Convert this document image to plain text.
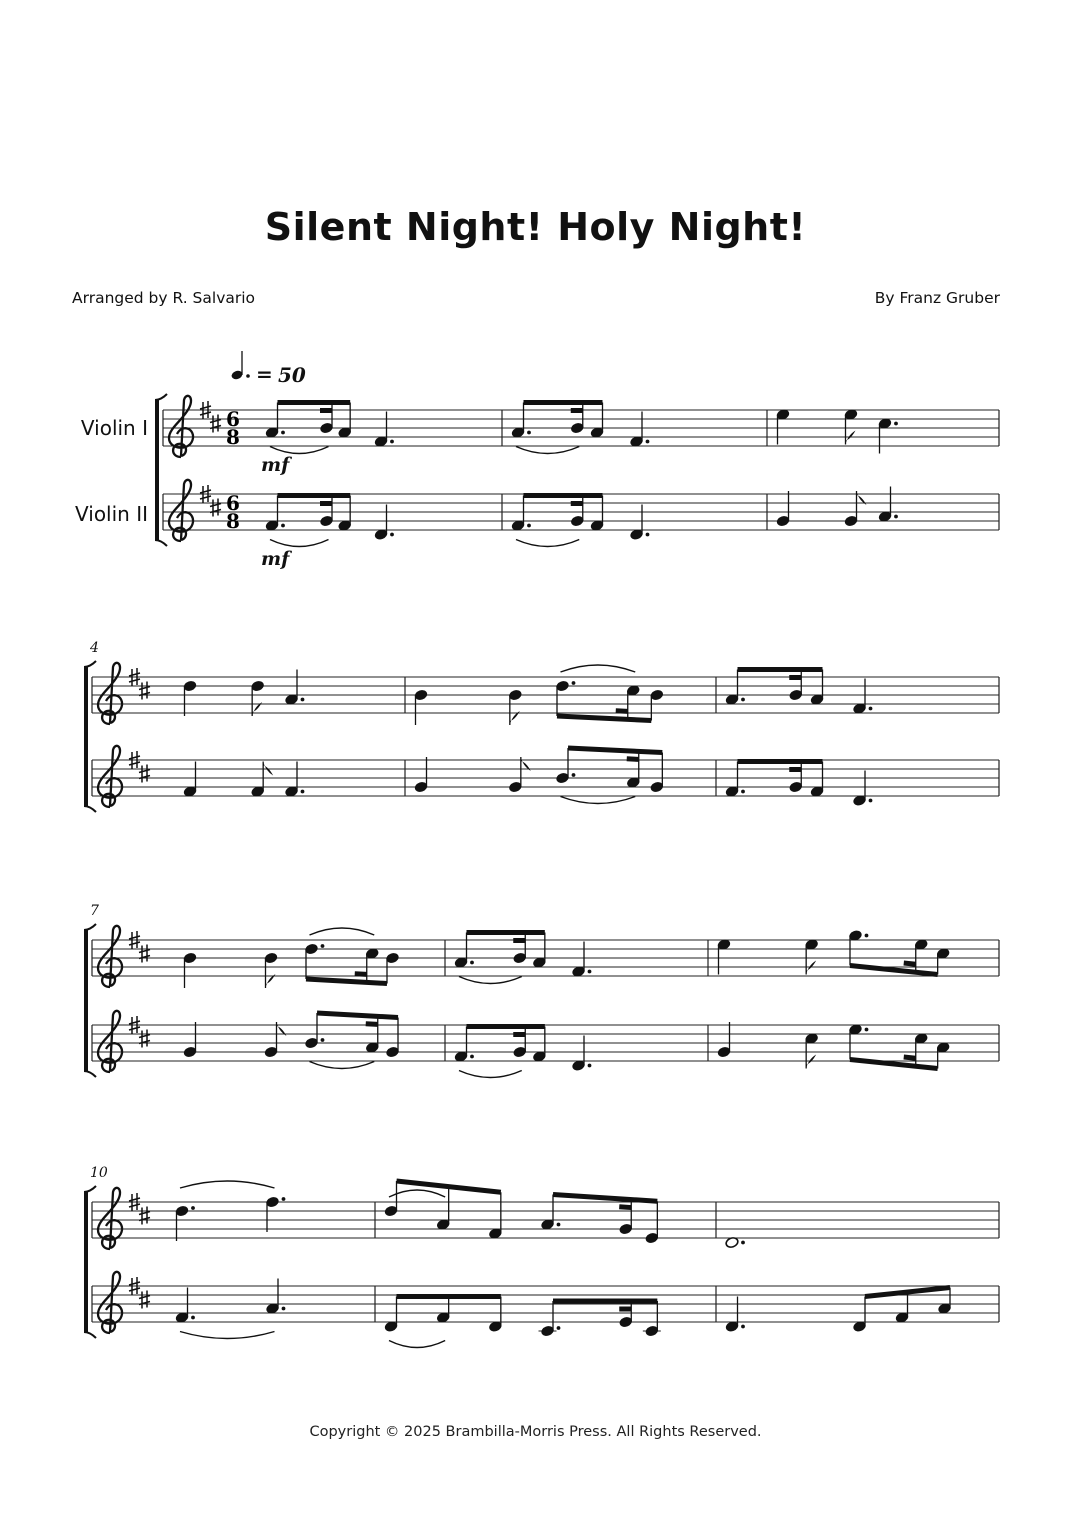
Silent Night! Holy Night!
Arranged by R. Salvario	By Franz Gruber
Violin I
Violin II
= 50
mf
mf
6
8
6
8
4
7
10
Copyright © 2025 Brambilla-Morris Press. All Rights Reserved.
